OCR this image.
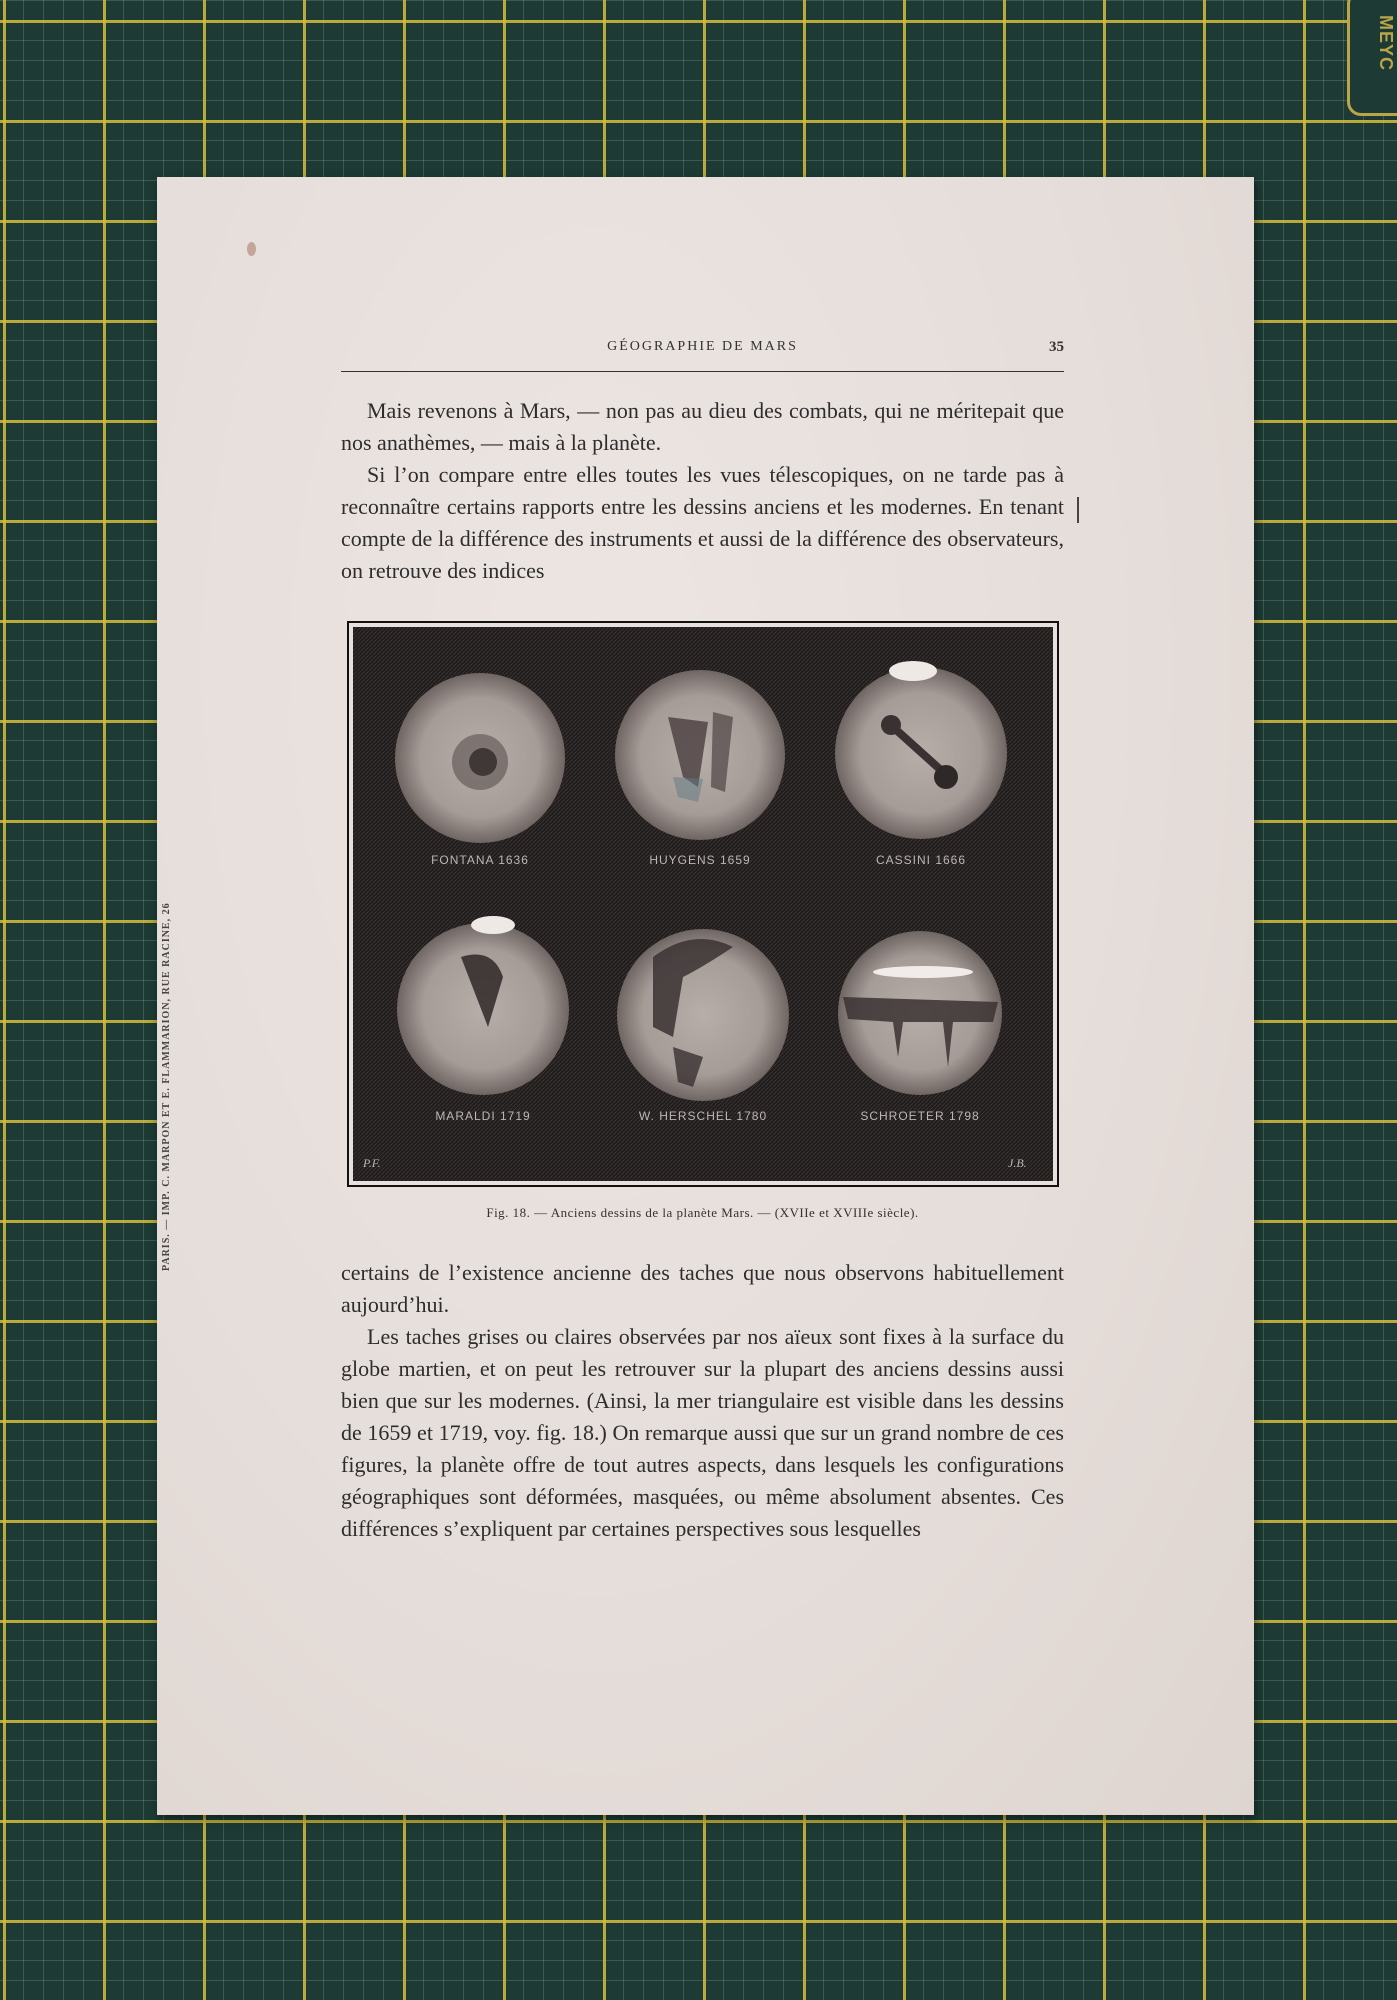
MEYC
PARIS. — IMP. C. MARPON ET E. FLAMMARION, RUE RACINE, 26
GÉOGRAPHIE DE MARS	35

Mais revenons à Mars, — non pas au dieu des combats, qui ne méritерait que nos anathèmes, — mais à la planète.

Si l’on compare entre elles toutes les vues télescopiques, on ne tarde pas à reconnaître certains rapports entre les dessins anciens et les modernes. En tenant compte de la différence des instruments et aussi de la différence des observateurs, on retrouve des indices

FONTANA 1636	HUYGENS 1659	CASSINI 1666
MARALDI 1719	W. HERSCHEL 1780	SCHROETER 1798
P.F.	J.B.
Fig. 18. — Anciens dessins de la planète Mars. — (XVIIe et XVIIIe siècle).

certains de l’existence ancienne des taches que nous observons habituellement aujourd’hui.

Les taches grises ou claires observées par nos aïeux sont fixes à la surface du globe martien, et on peut les retrouver sur la plupart des anciens dessins aussi bien que sur les modernes. (Ainsi, la mer triangulaire est visible dans les dessins de 1659 et 1719, voy. fig. 18.) On remarque aussi que sur un grand nombre de ces figures, la planète offre de tout autres aspects, dans lesquels les configurations géographiques sont déformées, masquées, ou même absolument absentes. Ces différences s’expliquent par certaines perspectives sous lesquelles
